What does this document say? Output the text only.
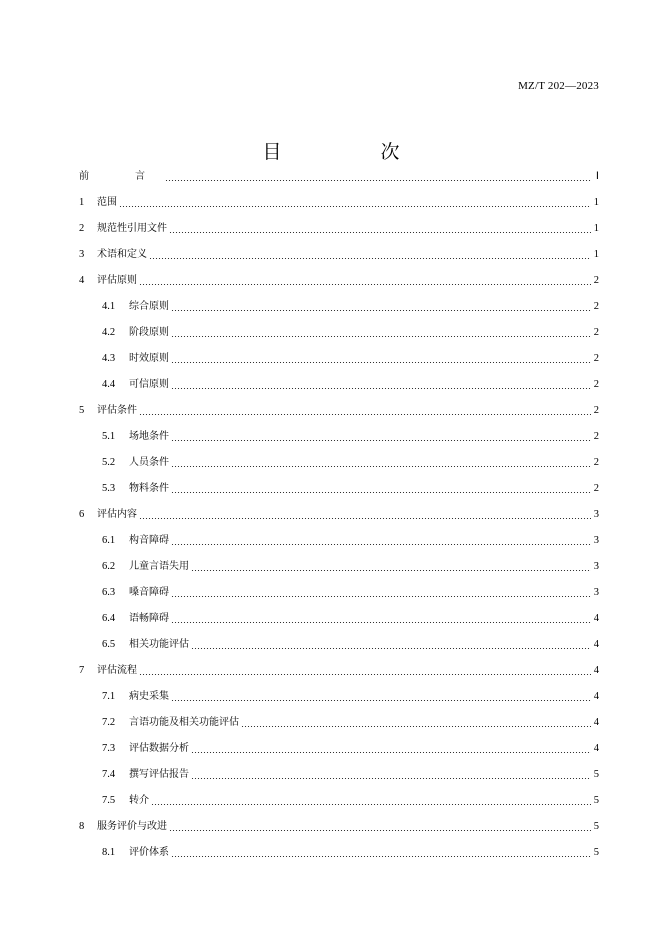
MZ/T 202—2023
目　次
前　言	Ⅰ
1	范围	1
2	规范性引用文件	1
3	术语和定义	1
4	评估原则	2
4.1	综合原则	2
4.2	阶段原则	2
4.3	时效原则	2
4.4	可信原则	2
5	评估条件	2
5.1	场地条件	2
5.2	人员条件	2
5.3	物料条件	2
6	评估内容	3
6.1	构音障碍	3
6.2	儿童言语失用	3
6.3	嗓音障碍	3
6.4	语畅障碍	4
6.5	相关功能评估	4
7	评估流程	4
7.1	病史采集	4
7.2	言语功能及相关功能评估	4
7.3	评估数据分析	4
7.4	撰写评估报告	5
7.5	转介	5
8	服务评价与改进	5
8.1	评价体系	5
